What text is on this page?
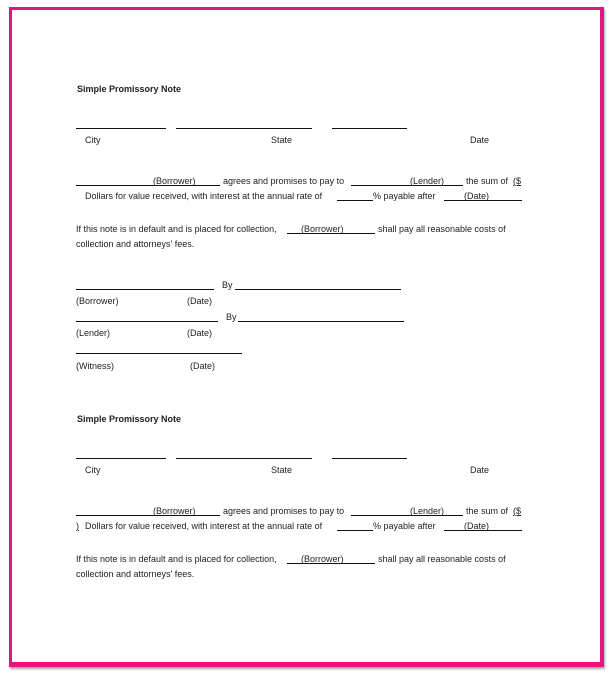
Simple Promissory Note
City	State	Date
(Borrower)	agrees and promises to pay to	(Lender) the sum of ($
Dollars for value received, with interest at the annual rate of	% payable after	(Date)
If this note is in default and is placed for collection,	(Borrower)	shall pay all reasonable costs of
collection and attorneys' fees.
By
(Borrower)	(Date)
By
(Lender)	(Date)
(Witness)	(Date)
Simple Promissory Note
City	State	Date
(Borrower)	agrees and promises to pay to	(Lender) the sum of ($
) Dollars for value received, with interest at the annual rate of	% payable after	(Date)
If this note is in default and is placed for collection,	(Borrower)	shall pay all reasonable costs of
collection and attorneys' fees.
